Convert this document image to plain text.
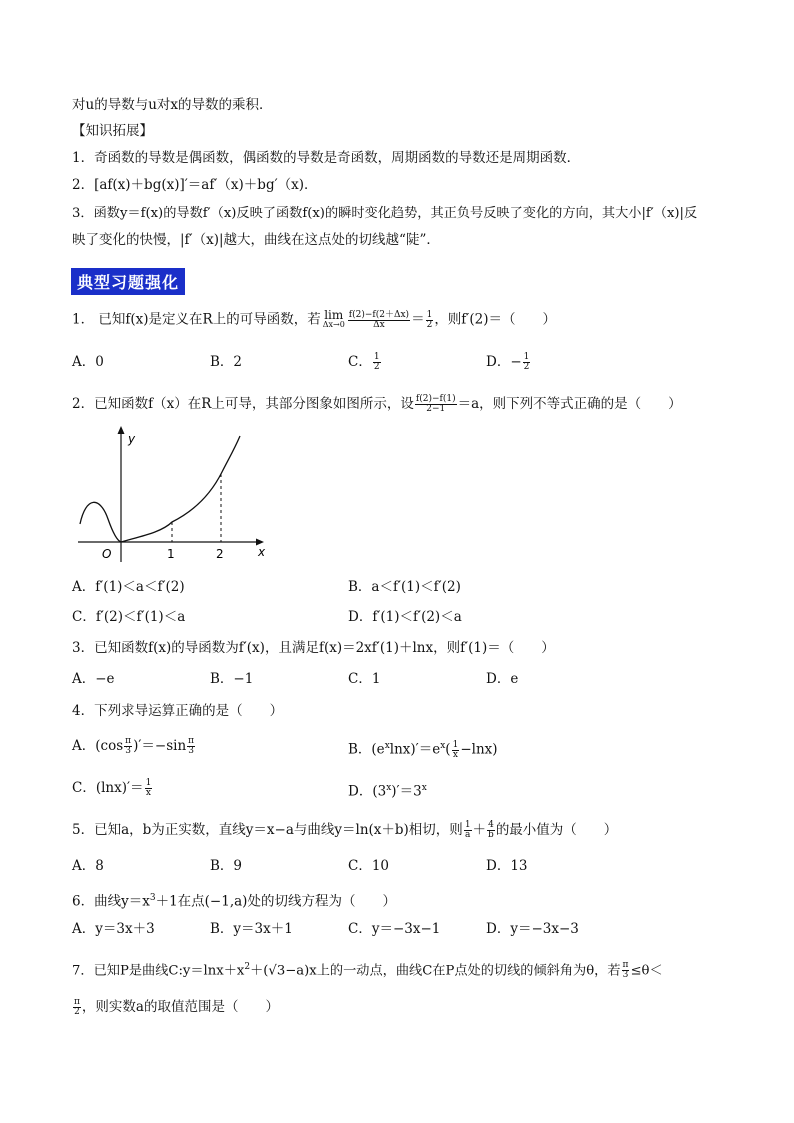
对u的导数与u对x的导数的乘积．
【知识拓展】
1．奇函数的导数是偶函数，偶函数的导数是奇函数，周期函数的导数还是周期函数．
2．[af(x)＋bg(x)]′＝af′（x)＋bg′（x)．
3．函数y＝f(x)的导数f′（x)反映了函数f(x)的瞬时变化趋势，其正负号反映了变化的方向，其大小|f′（x)|反
映了变化的快慢，|f′（x)|越大，曲线在这点处的切线越“陡”．
典型习题强化
1． 已知f(x)是定义在R上的可导函数，若 lim
$\Delta x\to 0 \frac{f(2)-f(2+\Delta x)}{\Delta x} = \frac{1}{2}$ ，则f′(2)＝（　　）
A．0	B．2	C． $\frac{1}{2}$	D．− $\frac{1}{2}$
2．已知函数f（x）在R上可导，其部分图象如图所示，设 $\frac{f(2)-f(1)}{2-1} =a$，则下列不等式正确的是（　　）
y
x
O	1	2
A．f′(1)＜a＜f′(2)	B．a＜f′(1)＜f′(2)
C．f′(2)＜f′(1)＜a	D．f′(1)＜f′(2)＜a
3．已知函数f(x)的导函数为f′(x)，且满足f(x)＝2xf′(1)＋lnx，则f′(1)＝（　　）
A．−e	B．−1	C．1	D．e
4．下列求导运算正确的是（　　）
A．$(\cos \frac{\pi}{3} )'=-\sin \frac{\pi}{3}$	B．$(e^x\ln x)'=e^x( \frac{1}{x} -\ln x)$
C．$(\ln x)'= \frac{1}{x}$	D．$(3^x)'=3^x$
5．已知a，b为正实数，直线y＝x−a与曲线y＝ln(x＋b)相切，则 $\frac{1}{a} + \frac{4}{b}$ 的最小值为（　　）
A．8	B．9	C．10	D．13
6．曲线$y=x^3+1$在点(−1,a)处的切线方程为（　　）
A．y＝3x＋3	B．y＝3x＋1	C．y＝−3x−1	D．y＝−3x−3
7．已知P是曲线$C:y=\ln x+x^2+(√3-a)x$上的一动点，曲线C在P点处的切线的倾斜角为θ，若 $\frac{\pi}{3} \le\theta<$
$\frac{\pi}{2}$ ，则实数a的取值范围是（　　）
